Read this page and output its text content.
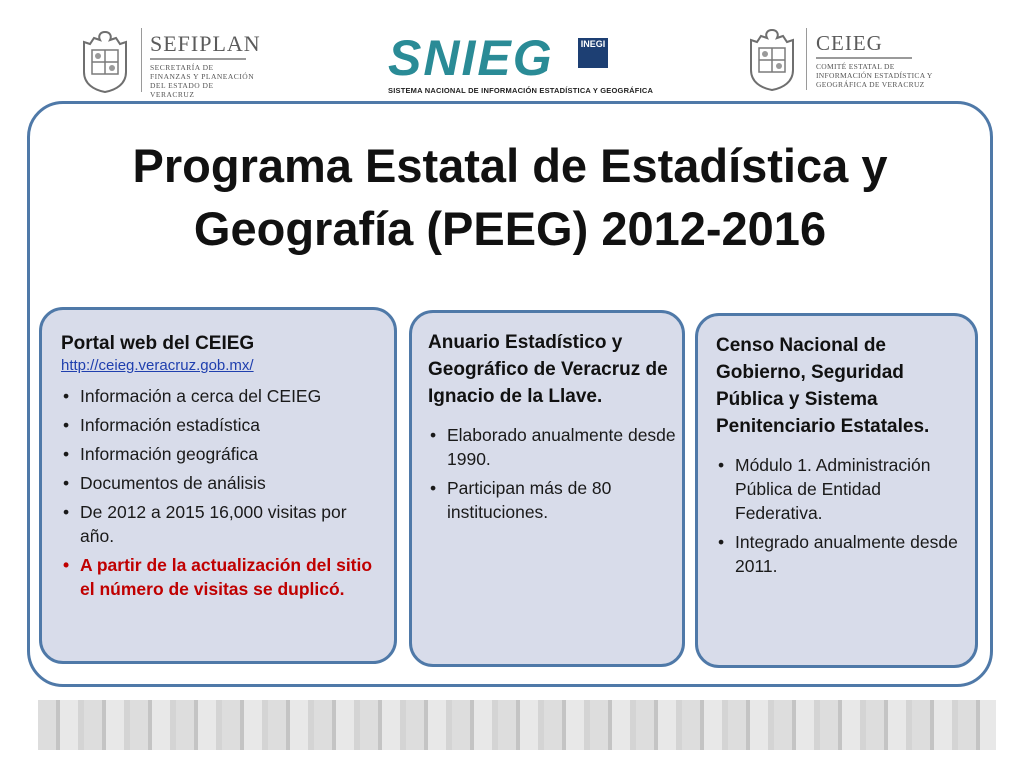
SEFIPLAN
SECRETARÍA DE
FINANZAS Y PLANEACIÓN
DEL ESTADO DE VERACRUZ
SNIEG	INEGI
SISTEMA NACIONAL DE INFORMACIÓN ESTADÍSTICA Y GEOGRÁFICA
CEIEG
COMITÉ ESTATAL DE
INFORMACIÓN ESTADÍSTICA Y
GEOGRÁFICA DE VERACRUZ
Programa Estatal de Estadística y
Geografía (PEEG) 2012-2016
Portal web del CEIEG
http://ceieg.veracruz.gob.mx/
• Información a cerca del CEIEG
• Información estadística
• Información geográfica
• Documentos de análisis
• De 2012 a 2015 16,000 visitas por año.
• A partir de la actualización del sitio el número de visitas se duplicó.
Anuario Estadístico y Geográfico de Veracruz de Ignacio de la Llave.
• Elaborado anualmente desde 1990.
• Participan más de 80 instituciones.
Censo Nacional de Gobierno, Seguridad Pública y Sistema Penitenciario Estatales.
• Módulo 1. Administración Pública de Entidad Federativa.
• Integrado anualmente desde 2011.
